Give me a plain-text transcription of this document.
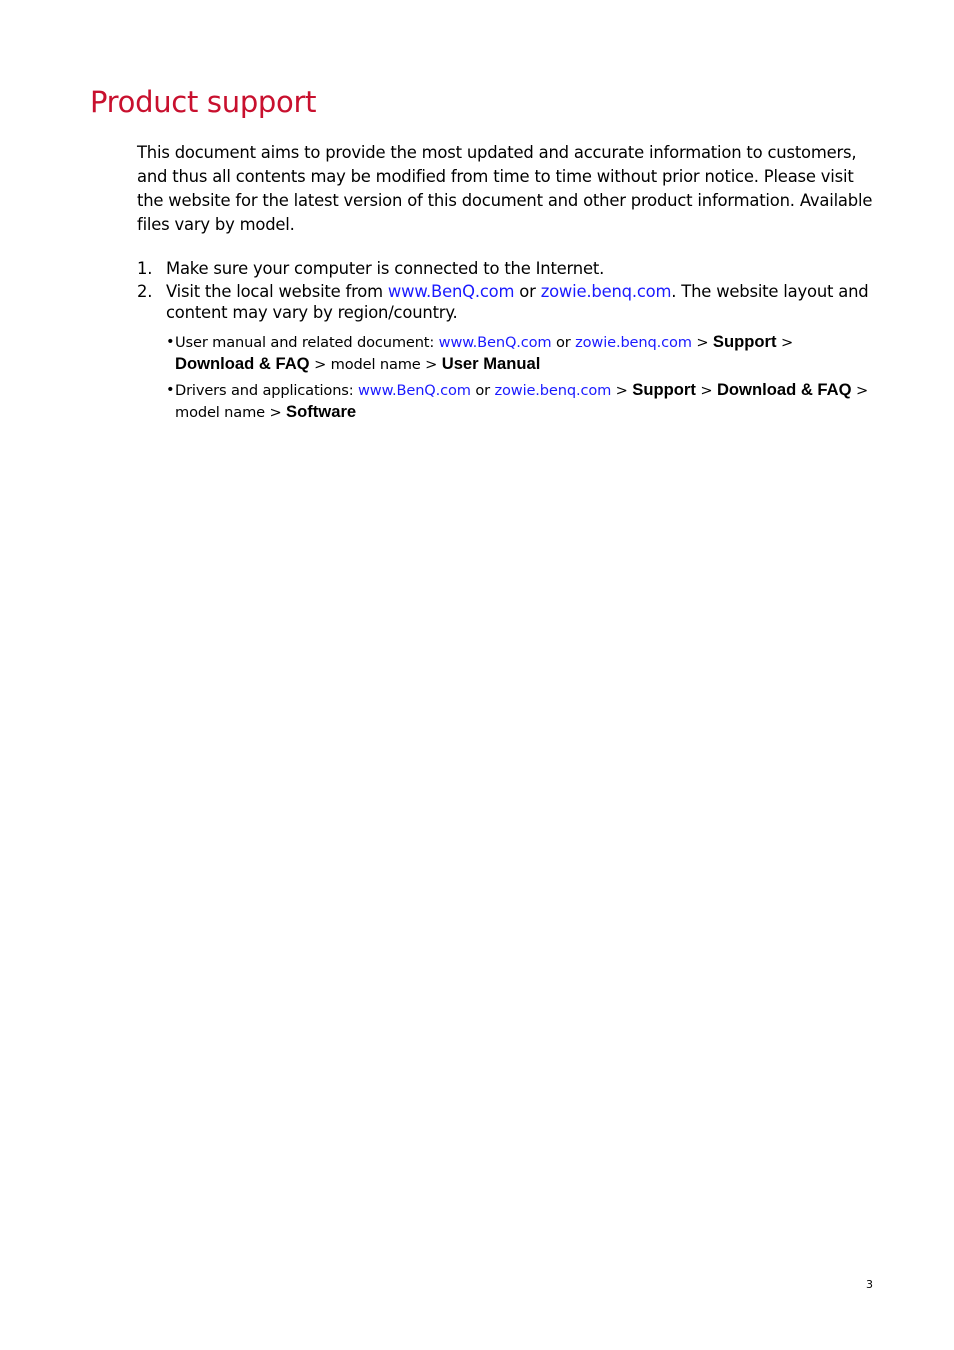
Product support

This document aims to provide the most updated and accurate information to customers, and thus all contents may be modified from time to time without prior notice. Please visit the website for the latest version of this document and other product information. Available files vary by model.

1. Make sure your computer is connected to the Internet.
2. Visit the local website from www.BenQ.com or zowie.benq.com. The website layout and content may vary by region/country.
• User manual and related document: www.BenQ.com or zowie.benq.com > Support >
Download & FAQ > model name > User Manual
• Drivers and applications: www.BenQ.com or zowie.benq.com > Support > Download & FAQ > model name > Software
3
